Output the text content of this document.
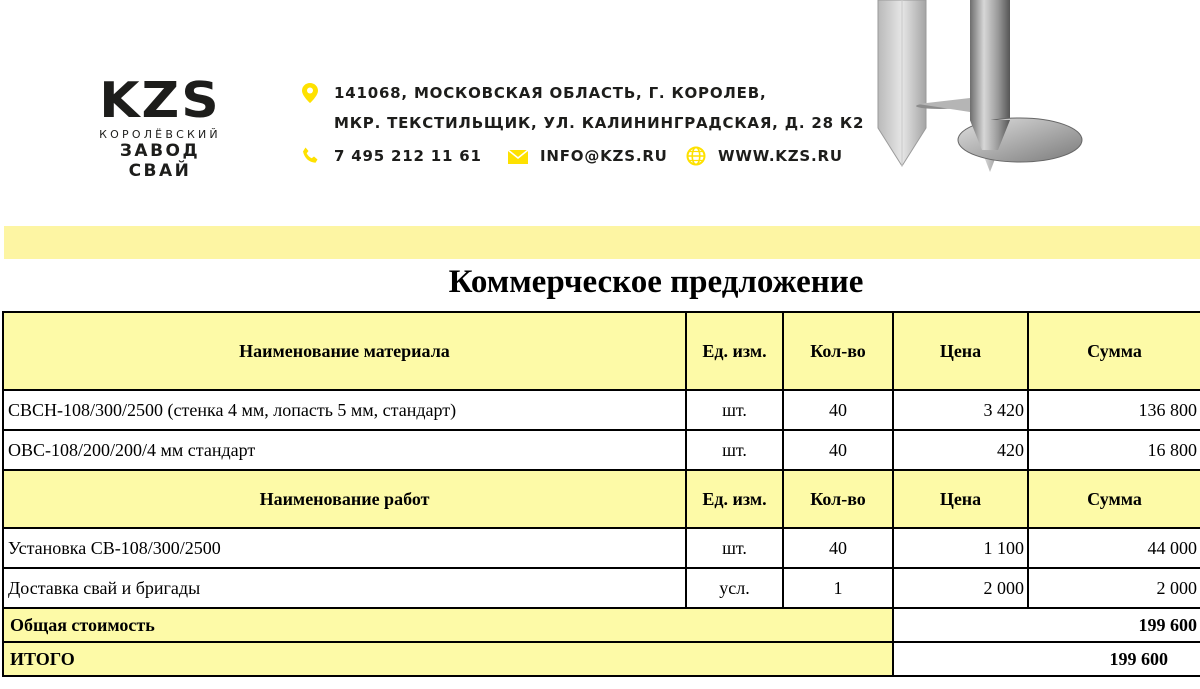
KZS
КОРОЛЁВСКИЙ
ЗАВОД СВАЙ
141068, МОСКОВСКАЯ ОБЛАСТЬ, Г. КОРОЛЕВ,
МКР. ТЕКСТИЛЬЩИК, УЛ. КАЛИНИНГРАДСКАЯ, Д. 28 К2
7 495 212 11 61	INFO@KZS.RU	WWW.KZS.RU
Коммерческое предложение
Наименование материала	Ед. изм.	Кол-во	Цена	Сумма
СВСН-108/300/2500 (стенка 4 мм, лопасть 5 мм, стандарт)	шт.	40	3 420	136 800
ОВС-108/200/200/4 мм стандарт	шт.	40	420	16 800
Наименование работ	Ед. изм.	Кол-во	Цена	Сумма
Установка СВ-108/300/2500	шт.	40	1 100	44 000
Доставка свай и бригады	усл.	1	2 000	2 000
Общая стоимость			199 600	
ИТОГО			199 600	
